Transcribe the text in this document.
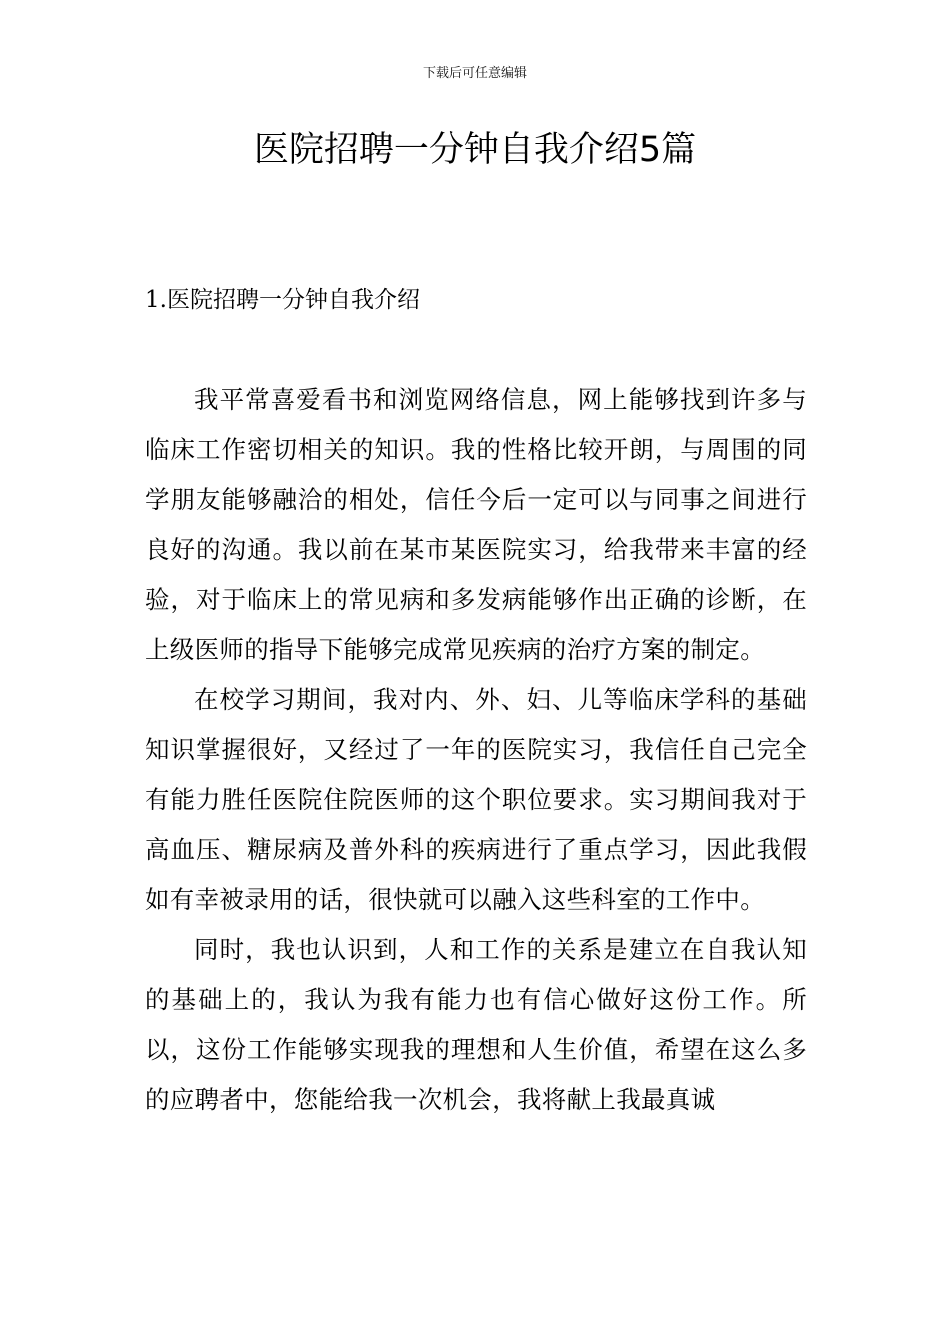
下载后可任意编辑
医院招聘一分钟自我介绍5篇
1.医院招聘一分钟自我介绍

我平常喜爱看书和浏览网络信息，网上能够找到许多与临床工作密切相关的知识。我的性格比较开朗，与周围的同学朋友能够融洽的相处，信任今后一定可以与同事之间进行良好的沟通。我以前在某市某医院实习，给我带来丰富的经验，对于临床上的常见病和多发病能够作出正确的诊断，在上级医师的指导下能够完成常见疾病的治疗方案的制定。

在校学习期间，我对内、外、妇、儿等临床学科的基础知识掌握很好，又经过了一年的医院实习，我信任自己完全有能力胜任医院住院医师的这个职位要求。实习期间我对于高血压、糖尿病及普外科的疾病进行了重点学习，因此我假如有幸被录用的话，很快就可以融入这些科室的工作中。

同时，我也认识到，人和工作的关系是建立在自我认知的基础上的，我认为我有能力也有信心做好这份工作。所以，这份工作能够实现我的理想和人生价值，希望在这么多的应聘者中，您能给我一次机会，我将献上我最真诚
